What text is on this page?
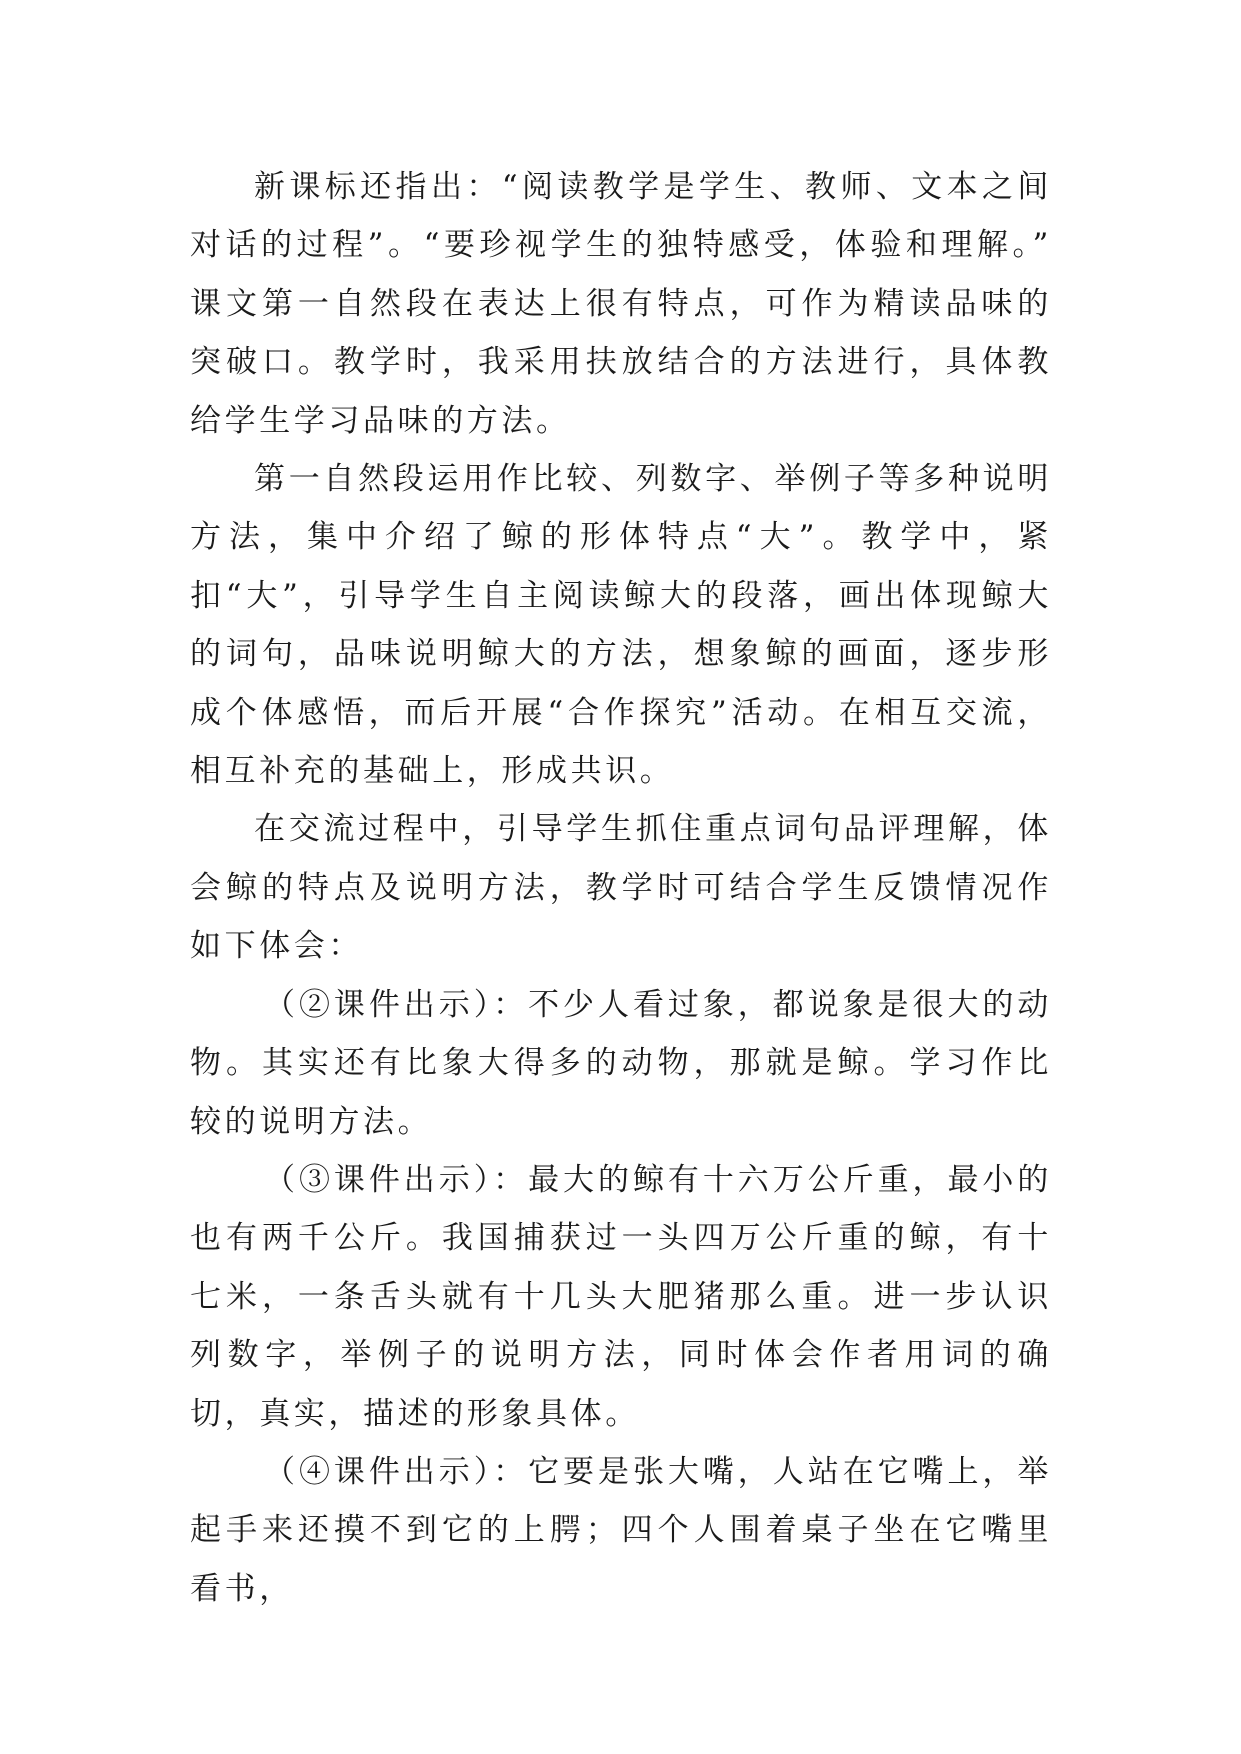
新课标还指出：“阅读教学是学生、教师、文本之间对话的过程”。“要珍视学生的独特感受，体验和理解。” 课文第一自然段在表达上很有特点，可作为精读品味的突破口。教学时，我采用扶放结合的方法进行，具体教给学生学习品味的方法。

第一自然段运用作比较、列数字、举例子等多种说明方法，集中介绍了鲸的形体特点“大”。教学中，紧扣“大”，引导学生自主阅读鲸大的段落，画出体现鲸大的词句，品味说明鲸大的方法，想象鲸的画面，逐步形成个体感悟，而后开展“合作探究”活动。在相互交流，相互补充的基础上，形成共识。

在交流过程中，引导学生抓住重点词句品评理解，体会鲸的特点及说明方法，教学时可结合学生反馈情况作如下体会：

（②课件出示）：不少人看过象，都说象是很大的动物。其实还有比象大得多的动物，那就是鲸。学习作比较的说明方法。

（③课件出示）：最大的鲸有十六万公斤重，最小的也有两千公斤。我国捕获过一头四万公斤重的鲸，有十七米，一条舌头就有十几头大肥猪那么重。进一步认识列数字，举例子的说明方法，同时体会作者用词的确切，真实，描述的形象具体。

（④课件出示）：它要是张大嘴，人站在它嘴上，举起手来还摸不到它的上腭；四个人围着桌子坐在它嘴里看书，
